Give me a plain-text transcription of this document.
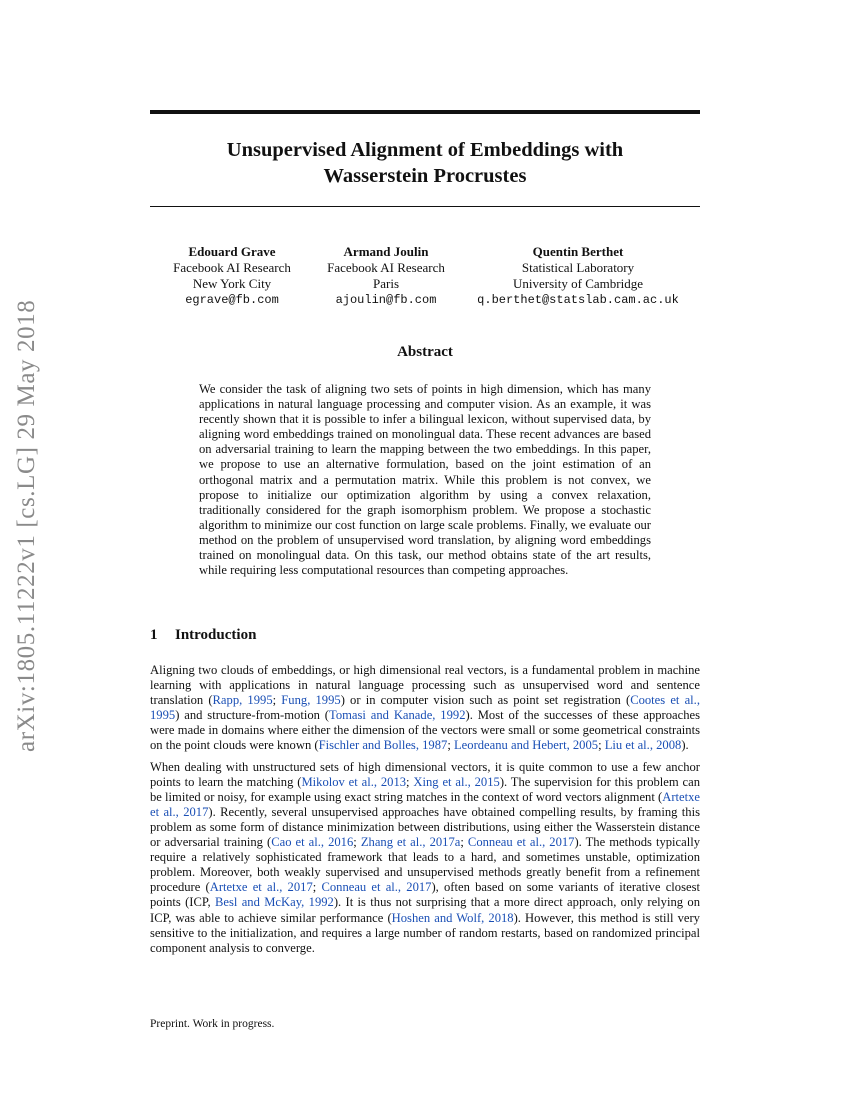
arXiv:1805.11222v1 [cs.LG] 29 May 2018
Unsupervised Alignment of Embeddings with
Wasserstein Procrustes
Edouard Grave
Facebook AI Research
New York City
egrave@fb.com
Armand Joulin
Facebook AI Research
Paris
ajoulin@fb.com
Quentin Berthet
Statistical Laboratory
University of Cambridge
q.berthet@statslab.cam.ac.uk
Abstract

We consider the task of aligning two sets of points in high dimension, which has many applications in natural language processing and computer vision. As an example, it was recently shown that it is possible to infer a bilingual lexicon, without supervised data, by aligning word embeddings trained on monolingual data. These recent advances are based on adversarial training to learn the mapping between the two embeddings. In this paper, we propose to use an alternative formulation, based on the joint estimation of an orthogonal matrix and a permutation matrix. While this problem is not convex, we propose to initialize our optimization algorithm by using a convex relaxation, traditionally considered for the graph isomorphism problem. We propose a stochastic algorithm to minimize our cost function on large scale problems. Finally, we evaluate our method on the problem of unsupervised word translation, by aligning word embeddings trained on monolingual data. On this task, our method obtains state of the art results, while requiring less computational resources than competing approaches.

1 Introduction

Aligning two clouds of embeddings, or high dimensional real vectors, is a fundamental problem in machine learning with applications in natural language processing such as unsupervised word and sentence translation (Rapp, 1995; Fung, 1995) or in computer vision such as point set registration (Cootes et al., 1995) and structure-from-motion (Tomasi and Kanade, 1992). Most of the successes of these approaches were made in domains where either the dimension of the vectors were small or some geometrical constraints on the point clouds were known (Fischler and Bolles, 1987; Leordeanu and Hebert, 2005; Liu et al., 2008).

When dealing with unstructured sets of high dimensional vectors, it is quite common to use a few anchor points to learn the matching (Mikolov et al., 2013; Xing et al., 2015). The supervision for this problem can be limited or noisy, for example using exact string matches in the context of word vectors alignment (Artetxe et al., 2017). Recently, several unsupervised approaches have obtained compelling results, by framing this problem as some form of distance minimization between distributions, using either the Wasserstein distance or adversarial training (Cao et al., 2016; Zhang et al., 2017a; Conneau et al., 2017). The methods typically require a relatively sophisticated framework that leads to a hard, and sometimes unstable, optimization problem. Moreover, both weakly supervised and unsupervised methods greatly benefit from a refinement procedure (Artetxe et al., 2017; Conneau et al., 2017), often based on some variants of iterative closest points (ICP, Besl and McKay, 1992). It is thus not surprising that a more direct approach, only relying on ICP, was able to achieve similar performance (Hoshen and Wolf, 2018). However, this method is still very sensitive to the initialization, and requires a large number of random restarts, based on randomized principal component analysis to converge.

Preprint. Work in progress.
